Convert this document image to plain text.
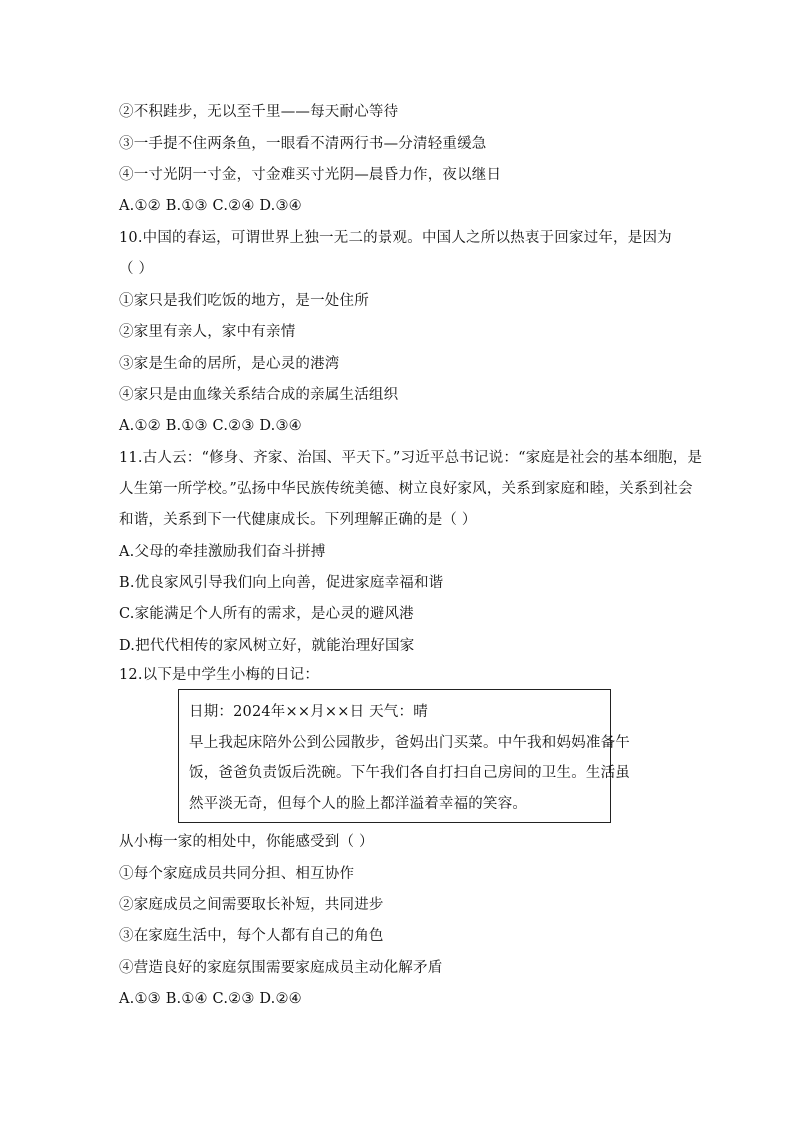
②不积跬步，无以至千里——每天耐心等待
③一手提不住两条鱼，一眼看不清两行书—分清轻重缓急
④一寸光阴一寸金，寸金难买寸光阴—晨昏力作，夜以继日
A.①② B.①③ C.②④ D.③④
10.中国的春运，可谓世界上独一无二的景观。中国人之所以热衷于回家过年，是因为
（ ）
①家只是我们吃饭的地方，是一处住所
②家里有亲人，家中有亲情
③家是生命的居所，是心灵的港湾
④家只是由血缘关系结合成的亲属生活组织
A.①② B.①③ C.②③ D.③④
11.古人云：“修身、齐家、治国、平天下。”习近平总书记说：“家庭是社会的基本细胞，是
人生第一所学校。”弘扬中华民族传统美德、树立良好家风，关系到家庭和睦，关系到社会
和谐，关系到下一代健康成长。下列理解正确的是（ ）
A.父母的牵挂激励我们奋斗拼搏
B.优良家风引导我们向上向善，促进家庭幸福和谐
C.家能满足个人所有的需求，是心灵的避风港
D.把代代相传的家风树立好，就能治理好国家
12.以下是中学生小梅的日记：
日期：2024年××月××日 天气：晴
早上我起床陪外公到公园散步，爸妈出门买菜。中午我和妈妈准备午
饭，爸爸负责饭后洗碗。下午我们各自打扫自己房间的卫生。生活虽
然平淡无奇，但每个人的脸上都洋溢着幸福的笑容。
从小梅一家的相处中，你能感受到（ ）
①每个家庭成员共同分担、相互协作
②家庭成员之间需要取长补短，共同进步
③在家庭生活中，每个人都有自己的角色
④营造良好的家庭氛围需要家庭成员主动化解矛盾
A.①③ B.①④ C.②③ D.②④
